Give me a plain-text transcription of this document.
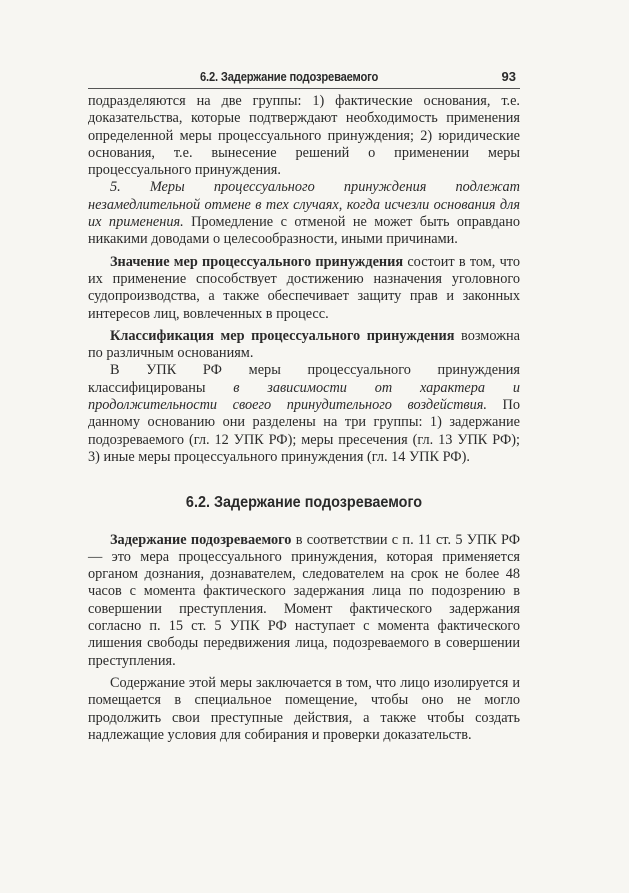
6.2. Задержание подозреваемого	93

подразделяются на две группы: 1) фактические основания, т.е. доказательства, которые подтверждают необходимость применения определенной меры процессуального принуждения; 2) юридические основания, т.е. вынесение решений о применении меры процессуального принуждения.

5. Меры процессуального принуждения подлежат незамедлительной отмене в тех случаях, когда исчезли основания для их применения. Промедление с отменой не может быть оправдано никакими доводами о целесообразности, иными причинами.

Значение мер процессуального принуждения состоит в том, что их применение способствует достижению назначения уголовного судопроизводства, а также обеспечивает защиту прав и законных интересов лиц, вовлеченных в процесс.

Классификация мер процессуального принуждения возможна по различным основаниям.

В УПК РФ меры процессуального принуждения классифицированы в зависимости от характера и продолжительности своего принудительного воздействия. По данному основанию они разделены на три группы: 1) задержание подозреваемого (гл. 12 УПК РФ); меры пресечения (гл. 13 УПК РФ); 3) иные меры процессуального принуждения (гл. 14 УПК РФ).

6.2. Задержание подозреваемого

Задержание подозреваемого в соответствии с п. 11 ст. 5 УПК РФ — это мера процессуального принуждения, которая применяется органом дознания, дознавателем, следователем на срок не более 48 часов с момента фактического задержания лица по подозрению в совершении преступления. Момент фактического задержания согласно п. 15 ст. 5 УПК РФ наступает с момента фактического лишения свободы передвижения лица, подозреваемого в совершении преступления.

Содержание этой меры заключается в том, что лицо изолируется и помещается в специальное помещение, чтобы оно не могло продолжить свои преступные действия, а также чтобы создать надлежащие условия для собирания и проверки доказательств.
